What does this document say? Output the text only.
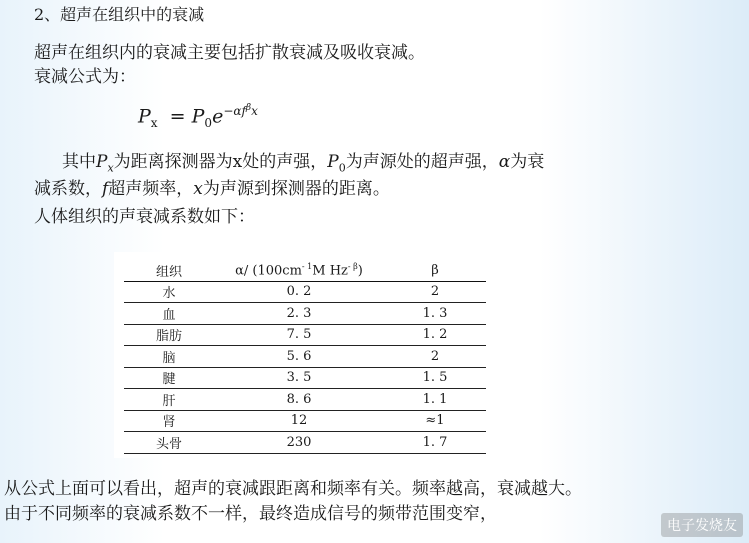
2、超声在组织中的衰减
超声在组织内的衰减主要包括扩散衰减及吸收衰减。
衰减公式为：
$P_x = P_0e^{-\alpha f^\beta x}$
其中$P_x$为距离探测器为x处的声强，$P_0$为声源处的超声强，α为衰
减系数，f超声频率，x为声源到探测器的距离。
人体组织的声衰减系数如下：
组织	α/ ($100cm^{- 1}M$ $Hz^{- \beta}$)	β
水	0. 2	2
血	2. 3	1. 3
脂肪	7. 5	1. 2
脑	5. 6	2
腱	3. 5	1. 5
肝	8. 6	1. 1
肾	12	≈1
头骨	230	1. 7
从公式上面可以看出，超声的衰减跟距离和频率有关。频率越高，衰减越大。
由于不同频率的衰减系数不一样，最终造成信号的频带范围变窄，
电子发烧友
